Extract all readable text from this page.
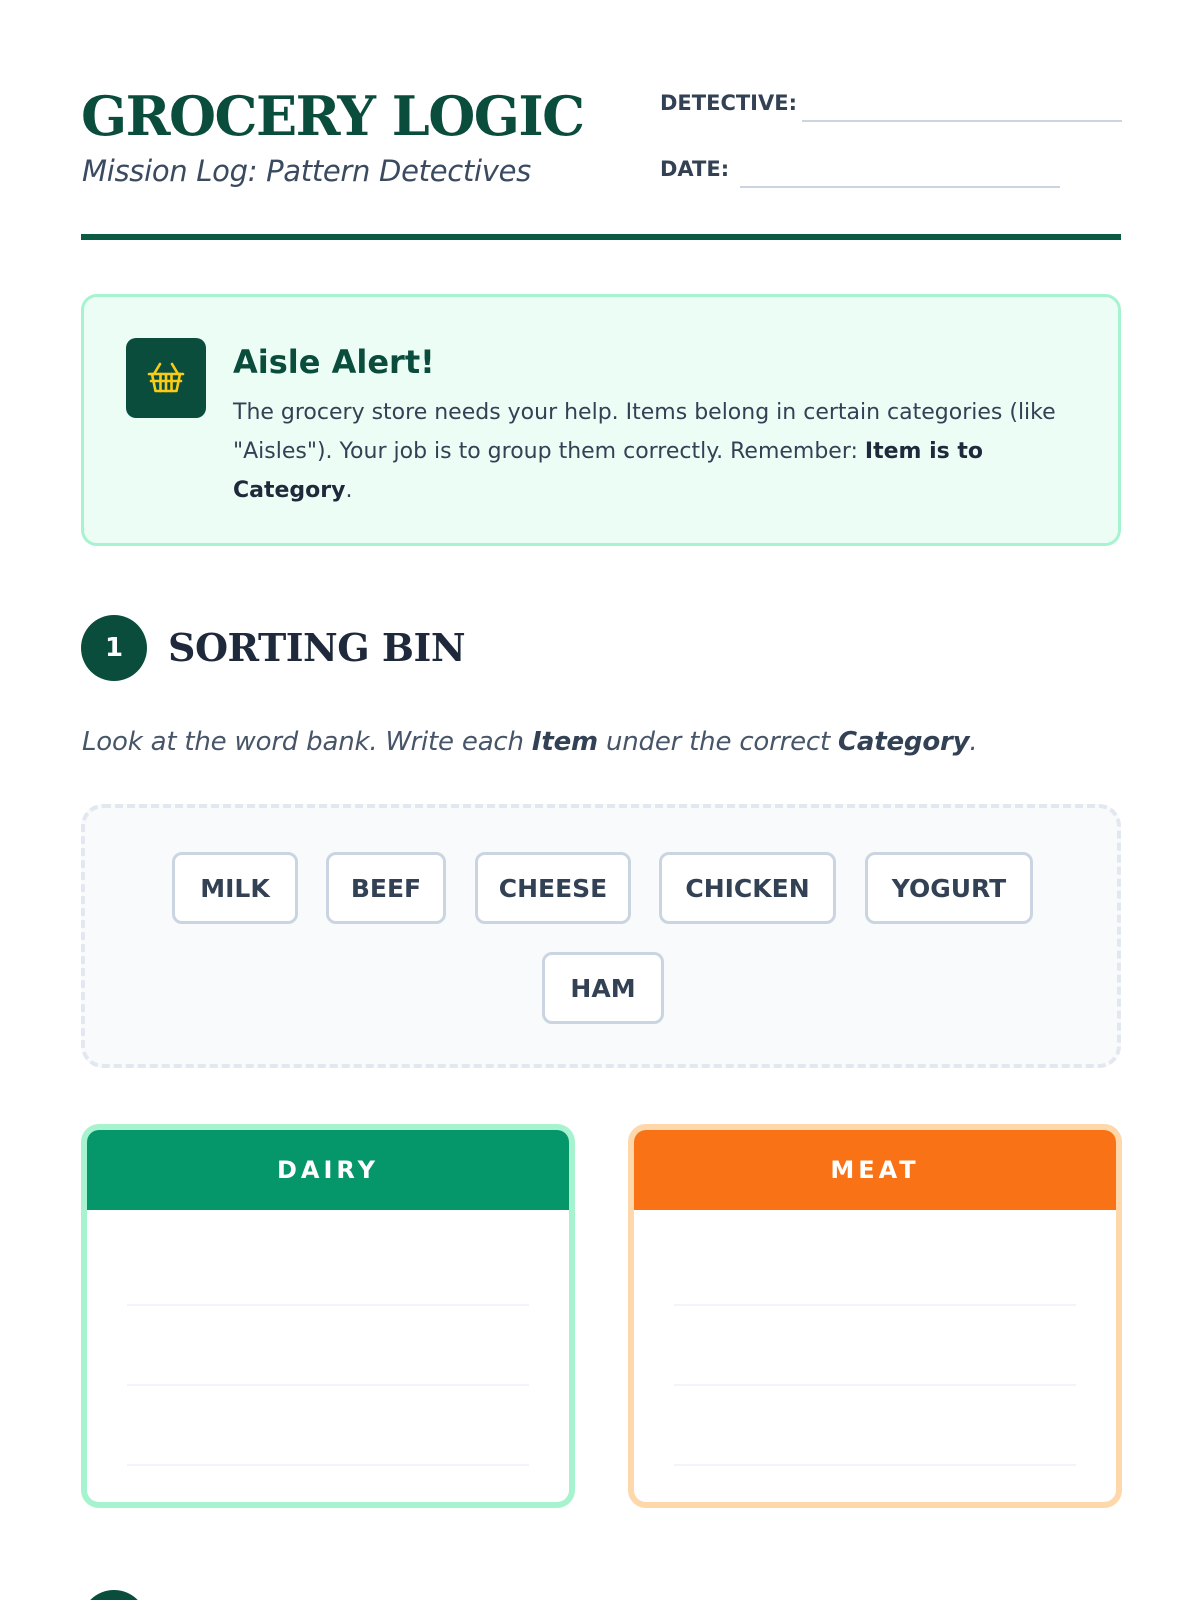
GROCERY LOGIC
Mission Log: Pattern Detectives
DETECTIVE:
DATE:
Aisle Alert!
The grocery store needs your help. Items belong in certain categories (like "Aisles"). Your job is to group them correctly. Remember: Item is to Category.
1	SORTING BIN
Look at the word bank. Write each Item under the correct Category.
MILK	BEEF	CHEESE	CHICKEN	YOGURT
HAM
DAIRY	MEAT
